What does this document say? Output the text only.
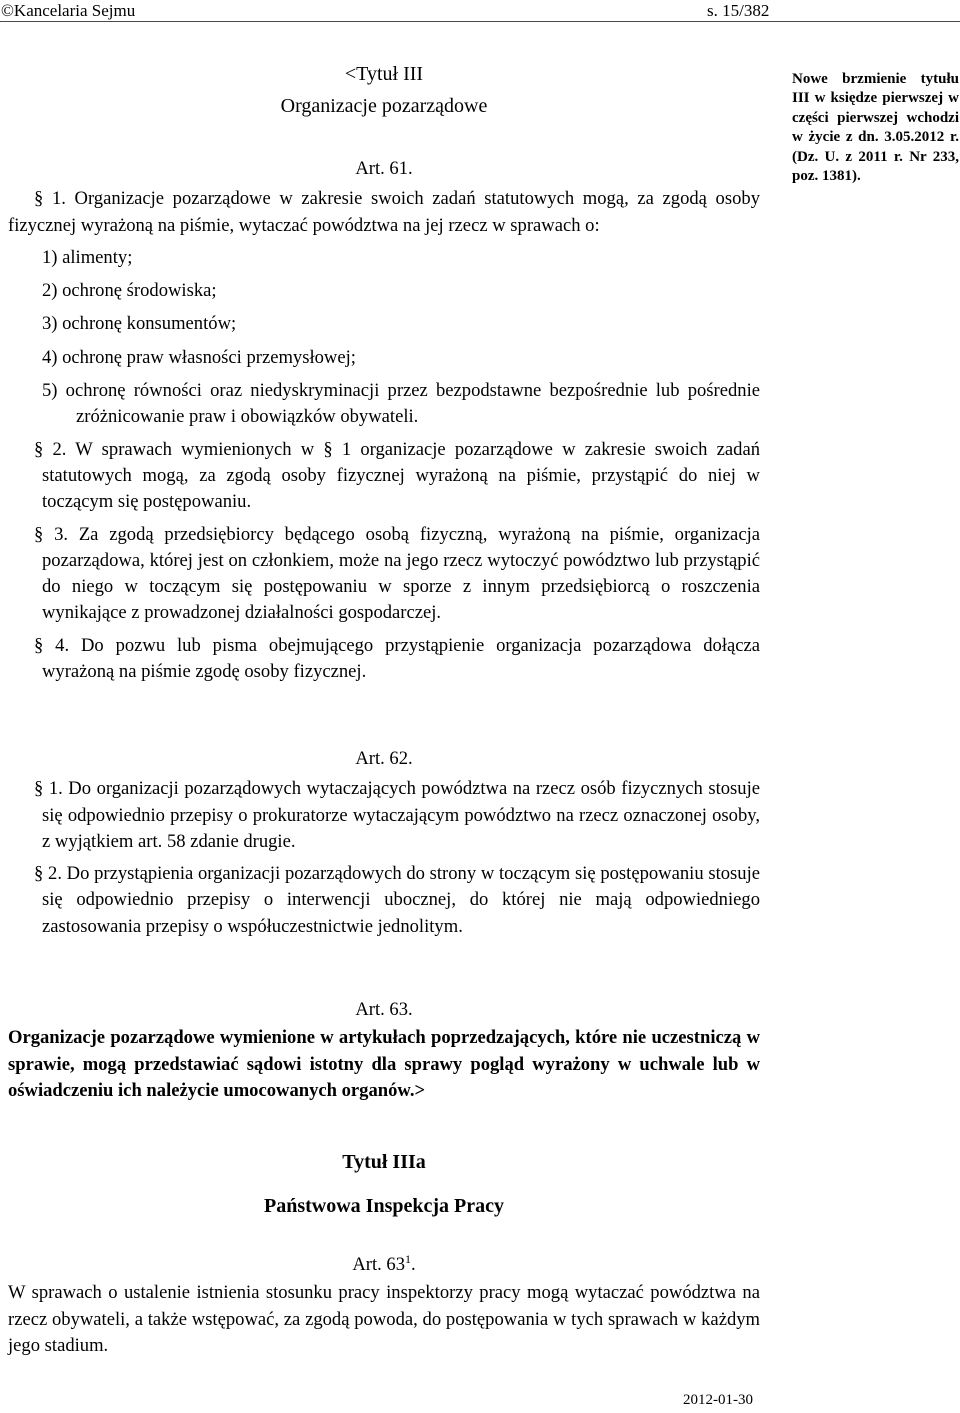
©Kancelaria Sejmu	s. 15/382
Nowe brzmienie tytułu III w księdze pierwszej w części pierwszej wchodzi w życie z dn. 3.05.2012 r. (Dz. U. z 2011 r. Nr 233, poz. 1381).
<Tytuł III
Organizacje pozarządowe
Art. 61.

§ 1. Organizacje pozarządowe w zakresie swoich zadań statutowych mogą, za zgodą osoby fizycznej wyrażoną na piśmie, wytaczać powództwa na jej rzecz w sprawach o:

1) alimenty;

2) ochronę środowiska;

3) ochronę konsumentów;

4) ochronę praw własności przemysłowej;

5) ochronę równości oraz niedyskryminacji przez bezpodstawne bezpośrednie lub pośrednie zróżnicowanie praw i obowiązków obywateli.

§ 2. W sprawach wymienionych w § 1 organizacje pozarządowe w zakresie swoich zadań statutowych mogą, za zgodą osoby fizycznej wyrażoną na piśmie, przystąpić do niej w toczącym się postępowaniu.

§ 3. Za zgodą przedsiębiorcy będącego osobą fizyczną, wyrażoną na piśmie, organizacja pozarządowa, której jest on członkiem, może na jego rzecz wytoczyć powództwo lub przystąpić do niego w toczącym się postępowaniu w sporze z innym przedsiębiorcą o roszczenia wynikające z prowadzonej działalności gospodarczej.

§ 4. Do pozwu lub pisma obejmującego przystąpienie organizacja pozarządowa dołącza wyrażoną na piśmie zgodę osoby fizycznej.

Art. 62.

§ 1. Do organizacji pozarządowych wytaczających powództwa na rzecz osób fizycznych stosuje się odpowiednio przepisy o prokuratorze wytaczającym powództwo na rzecz oznaczonej osoby, z wyjątkiem art. 58 zdanie drugie.

§ 2. Do przystąpienia organizacji pozarządowych do strony w toczącym się postępowaniu stosuje się odpowiednio przepisy o interwencji ubocznej, do której nie mają odpowiedniego zastosowania przepisy o współuczestnictwie jednolitym.

Art. 63.

Organizacje pozarządowe wymienione w artykułach poprzedzających, które nie uczestniczą w sprawie, mogą przedstawiać sądowi istotny dla sprawy pogląd wyrażony w uchwale lub w oświadczeniu ich należycie umocowanych organów.>

Tytuł IIIa
Państwowa Inspekcja Pracy
Art. $63^1$.

W sprawach o ustalenie istnienia stosunku pracy inspektorzy pracy mogą wytaczać powództwa na rzecz obywateli, a także wstępować, za zgodą powoda, do postępowania w tych sprawach w każdym jego stadium.

2012-01-30
